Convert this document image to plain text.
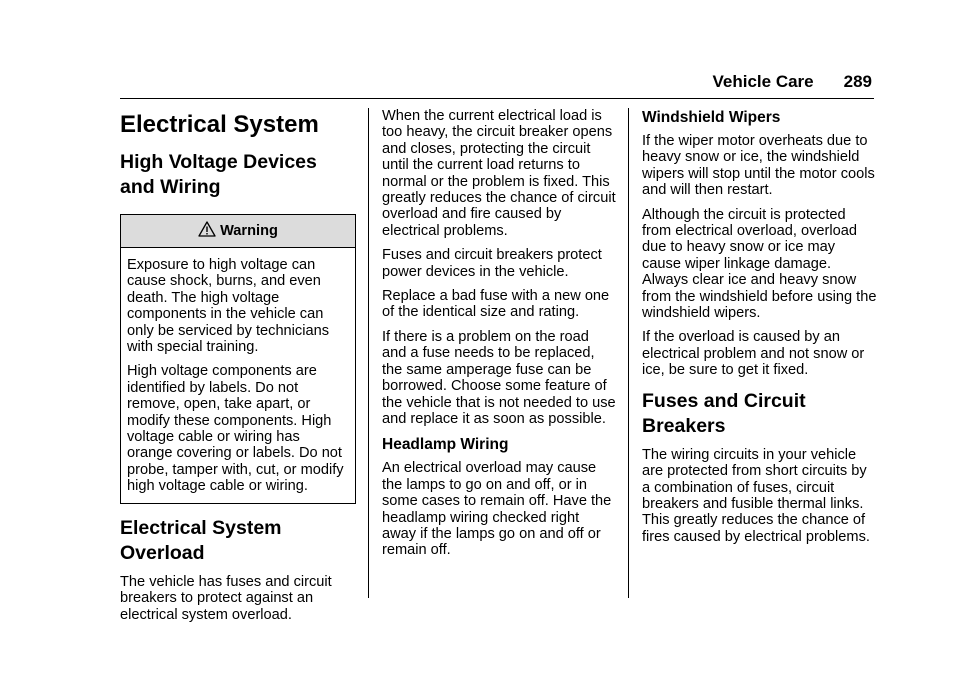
Vehicle Care 289
Electrical System
High Voltage Devices and Wiring
Warning

Exposure to high voltage can cause shock, burns, and even death. The high voltage components in the vehicle can only be serviced by technicians with special training.

High voltage components are identified by labels. Do not remove, open, take apart, or modify these components. High voltage cable or wiring has orange covering or labels. Do not probe, tamper with, cut, or modify high voltage cable or wiring.

Electrical System Overload

The vehicle has fuses and circuit breakers to protect against an electrical system overload.

When the current electrical load is too heavy, the circuit breaker opens and closes, protecting the circuit until the current load returns to normal or the problem is fixed. This greatly reduces the chance of circuit overload and fire caused by electrical problems.

Fuses and circuit breakers protect power devices in the vehicle.

Replace a bad fuse with a new one of the identical size and rating.

If there is a problem on the road and a fuse needs to be replaced, the same amperage fuse can be borrowed. Choose some feature of the vehicle that is not needed to use and replace it as soon as possible.

Headlamp Wiring

An electrical overload may cause the lamps to go on and off, or in some cases to remain off. Have the headlamp wiring checked right away if the lamps go on and off or remain off.

Windshield Wipers

If the wiper motor overheats due to heavy snow or ice, the windshield wipers will stop until the motor cools and will then restart.

Although the circuit is protected from electrical overload, overload due to heavy snow or ice may cause wiper linkage damage. Always clear ice and heavy snow from the windshield before using the windshield wipers.

If the overload is caused by an electrical problem and not snow or ice, be sure to get it fixed.

Fuses and Circuit Breakers

The wiring circuits in your vehicle are protected from short circuits by a combination of fuses, circuit breakers and fusible thermal links. This greatly reduces the chance of fires caused by electrical problems.
